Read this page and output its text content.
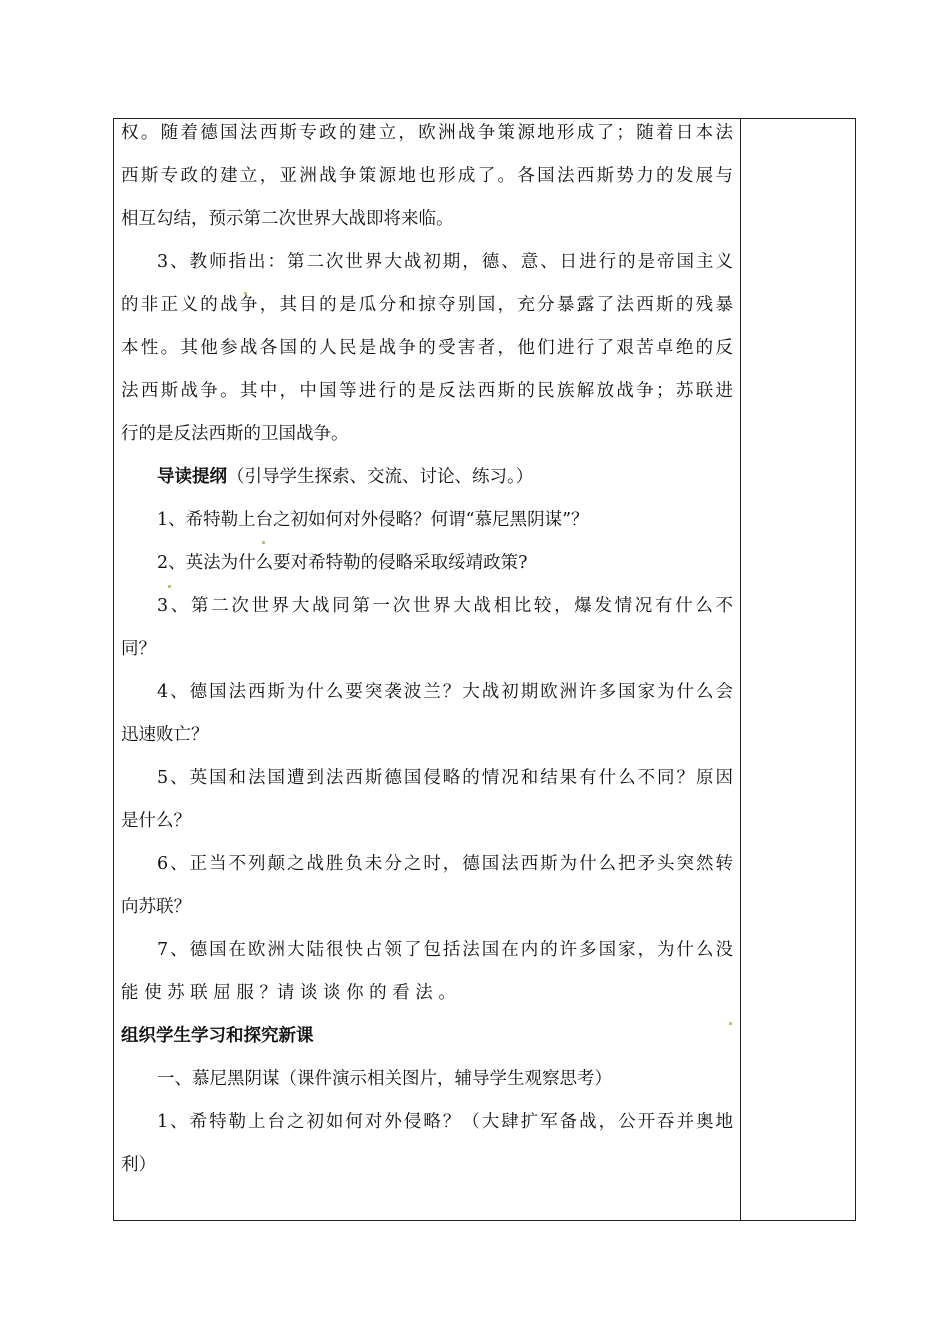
权。随着德国法西斯专政的建立，欧洲战争策源地形成了；随着日本法
西斯专政的建立，亚洲战争策源地也形成了。各国法西斯势力的发展与
相互勾结，预示第二次世界大战即将来临。
3、教师指出：第二次世界大战初期，德、意、日进行的是帝国主义
的非正义的战争，其目的是瓜分和掠夺别国，充分暴露了法西斯的残暴
本性。其他参战各国的人民是战争的受害者，他们进行了艰苦卓绝的反
法西斯战争。其中，中国等进行的是反法西斯的民族解放战争；苏联进
行的是反法西斯的卫国战争。
导读提纲（引导学生探索、交流、讨论、练习。）
1、希特勒上台之初如何对外侵略？何谓“慕尼黑阴谋”？
2、英法为什么要对希特勒的侵略采取绥靖政策?
3、第二次世界大战同第一次世界大战相比较，爆发情况有什么不
同？
4、德国法西斯为什么要突袭波兰？大战初期欧洲许多国家为什么会
迅速败亡？
5、英国和法国遭到法西斯德国侵略的情况和结果有什么不同？原因
是什么？
6、正当不列颠之战胜负未分之时，德国法西斯为什么把矛头突然转
向苏联？
7、德国在欧洲大陆很快占领了包括法国在内的许多国家，为什么没
能 使 苏 联 屈 服 ？请 谈 谈 你 的 看 法 。
组织学生学习和探究新课
一、慕尼黑阴谋（课件演示相关图片，辅导学生观察思考）
1、希特勒上台之初如何对外侵略？（大肆扩军备战，公开吞并奥地
利）
